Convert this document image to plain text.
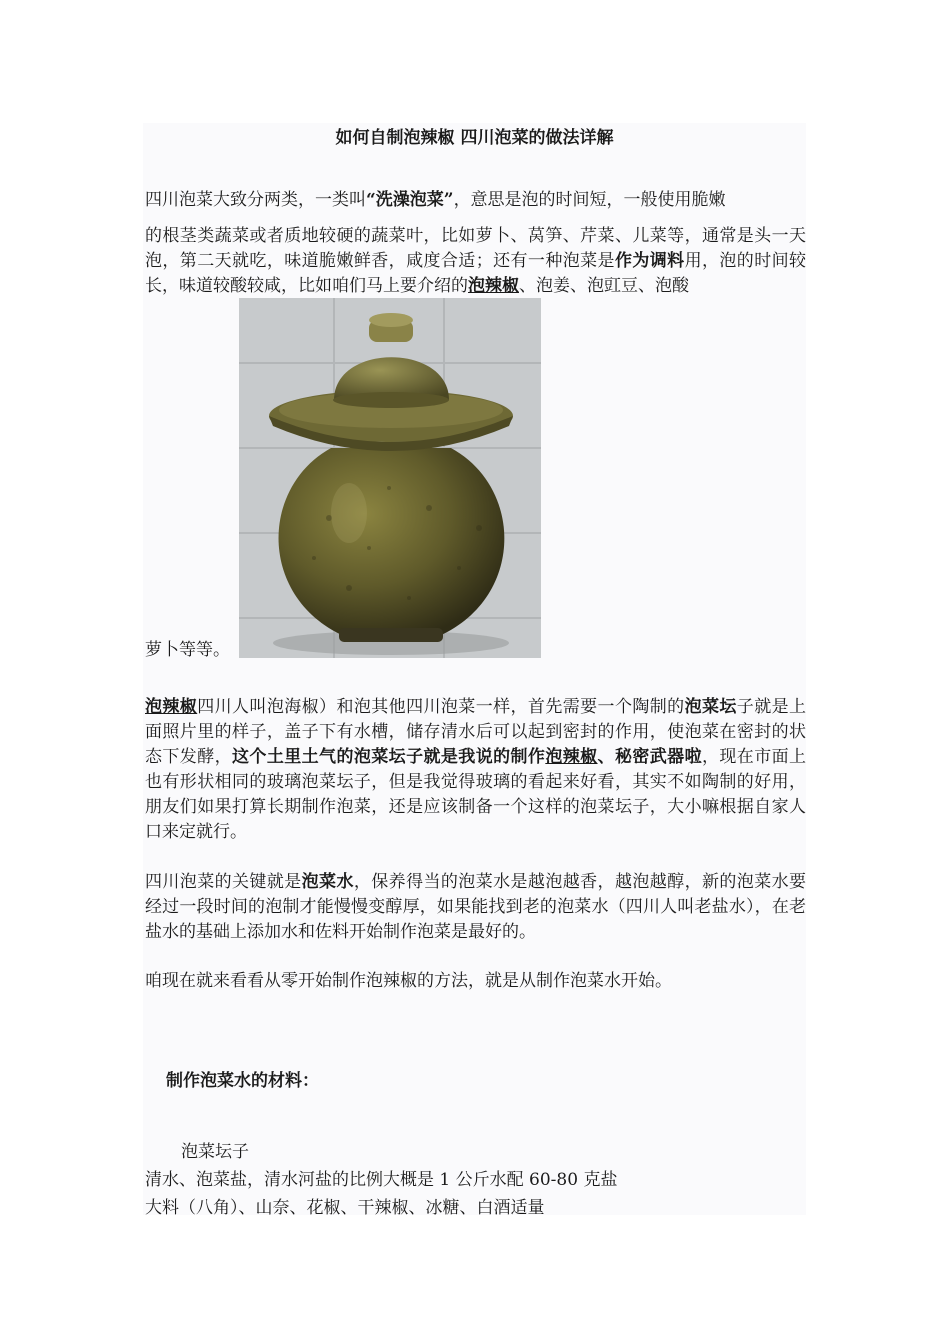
如何自制泡辣椒 四川泡菜的做法详解

四川泡菜大致分两类，一类叫“洗澡泡菜”，意思是泡的时间短，一般使用脆嫩
的根茎类蔬菜或者质地较硬的蔬菜叶，比如萝卜、莴笋、芹菜、儿菜等，通常是头一天泡，第二天就吃，味道脆嫩鲜香，咸度合适；还有一种泡菜是作为调料用，泡的时间较长，味道较酸较咸，比如咱们马上要介绍的泡辣椒、泡姜、泡豇豆、泡酸

萝卜等等。

泡辣椒四川人叫泡海椒）和泡其他四川泡菜一样，首先需要一个陶制的泡菜坛子就是上面照片里的样子，盖子下有水槽，储存清水后可以起到密封的作用，使泡菜在密封的状态下发酵，这个土里土气的泡菜坛子就是我说的制作泡辣椒、秘密武器啦，现在市面上也有形状相同的玻璃泡菜坛子，但是我觉得玻璃的看起来好看，其实不如陶制的好用，朋友们如果打算长期制作泡菜，还是应该制备一个这样的泡菜坛子，大小嘛根据自家人口来定就行。

四川泡菜的关键就是泡菜水，保养得当的泡菜水是越泡越香，越泡越醇，新的泡菜水要经过一段时间的泡制才能慢慢变醇厚，如果能找到老的泡菜水（四川人叫老盐水），在老盐水的基础上添加水和佐料开始制作泡菜是最好的。

咱现在就来看看从零开始制作泡辣椒的方法，就是从制作泡菜水开始。

制作泡菜水的材料：
泡菜坛子
清水、泡菜盐，清水河盐的比例大概是 1 公斤水配 60-80 克盐
大料（八角）、山奈、花椒、干辣椒、冰糖、白酒适量
